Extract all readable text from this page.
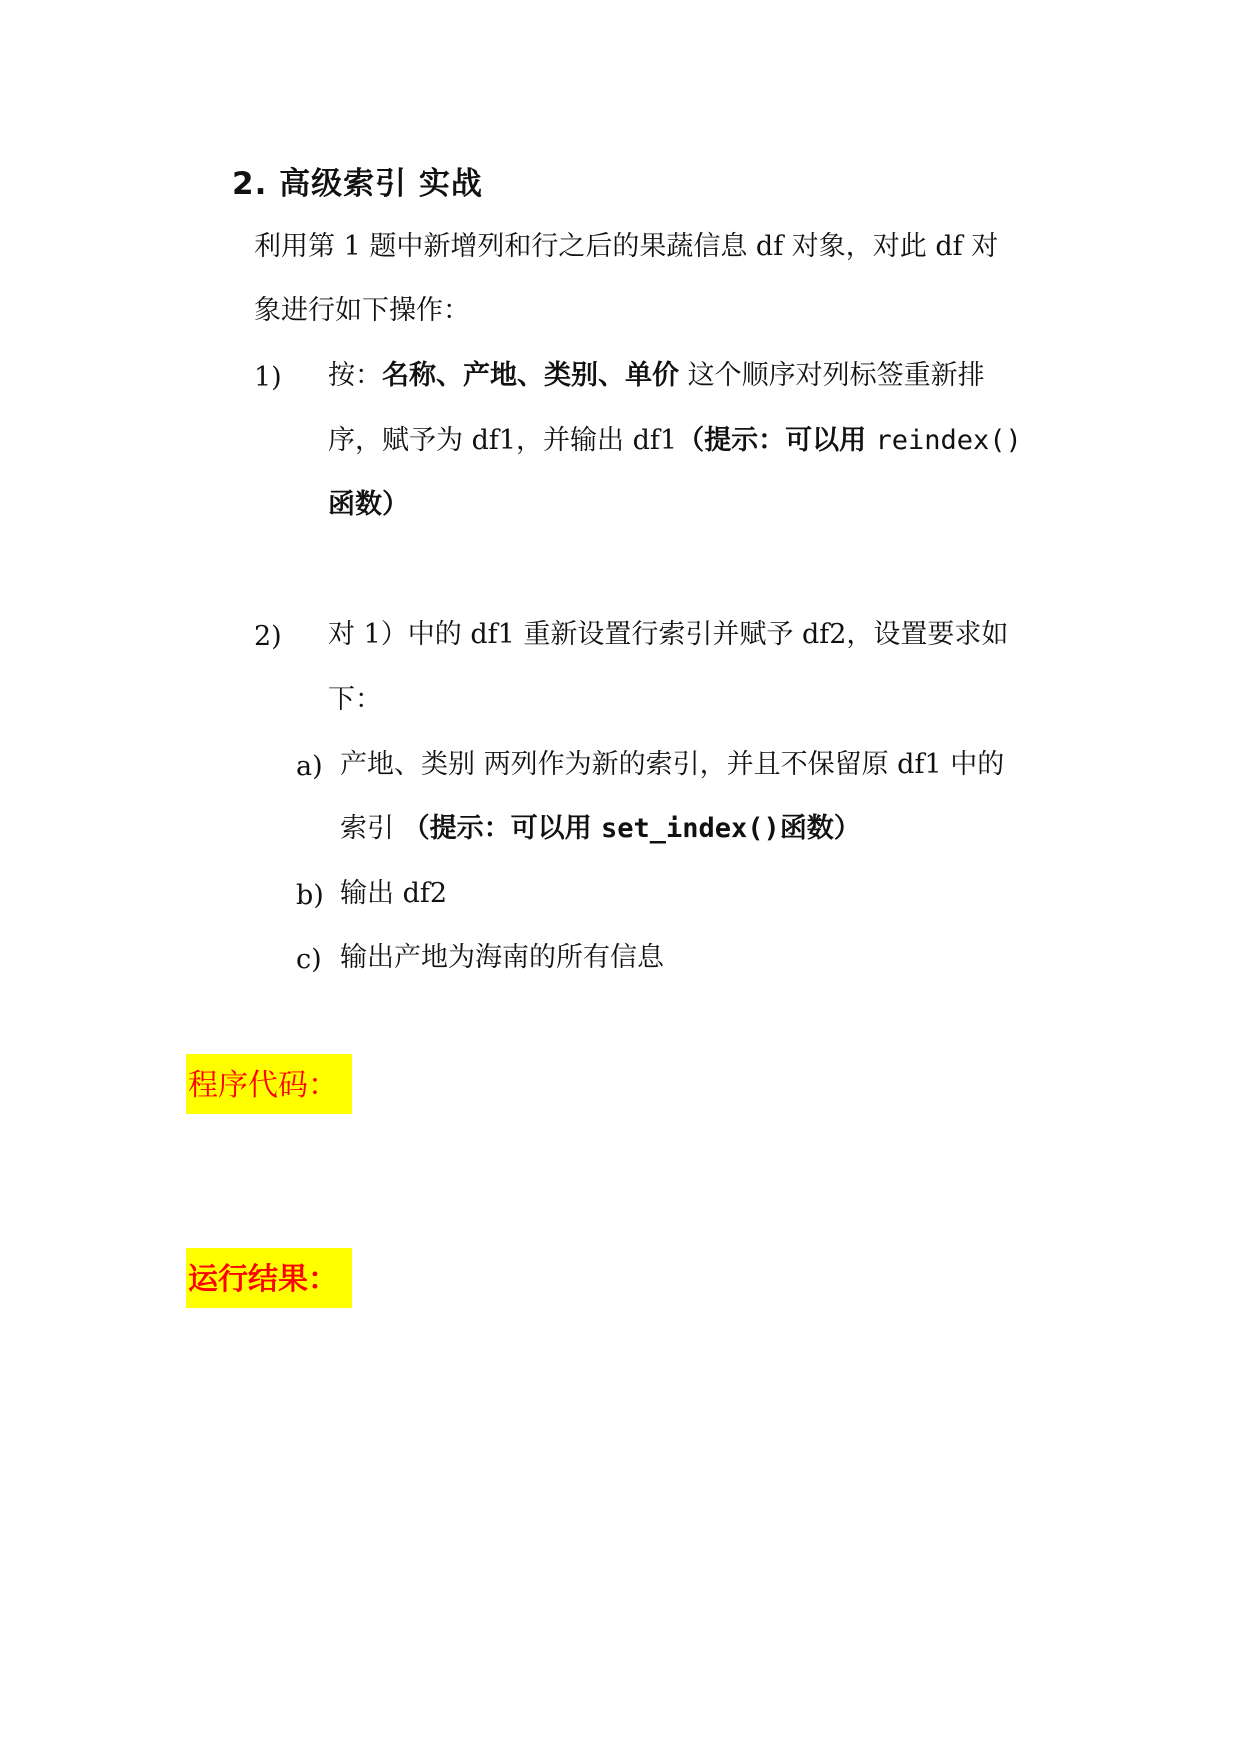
2. 高级索引 实战
利用第 1 题中新增列和行之后的果蔬信息 df 对象，对此 df 对
象进行如下操作：
1) 按：名称、产地、类别、单价 这个顺序对列标签重新排
序，赋予为 df1，并输出 df1（提示：可以用 reindex()
函数）
2) 对 1）中的 df1 重新设置行索引并赋予 df2，设置要求如
下：
a) 产地、类别 两列作为新的索引，并且不保留原 df1 中的
索引 （提示：可以用 set_index()函数）
b) 输出 df2
c) 输出产地为海南的所有信息
程序代码：
运行结果：
